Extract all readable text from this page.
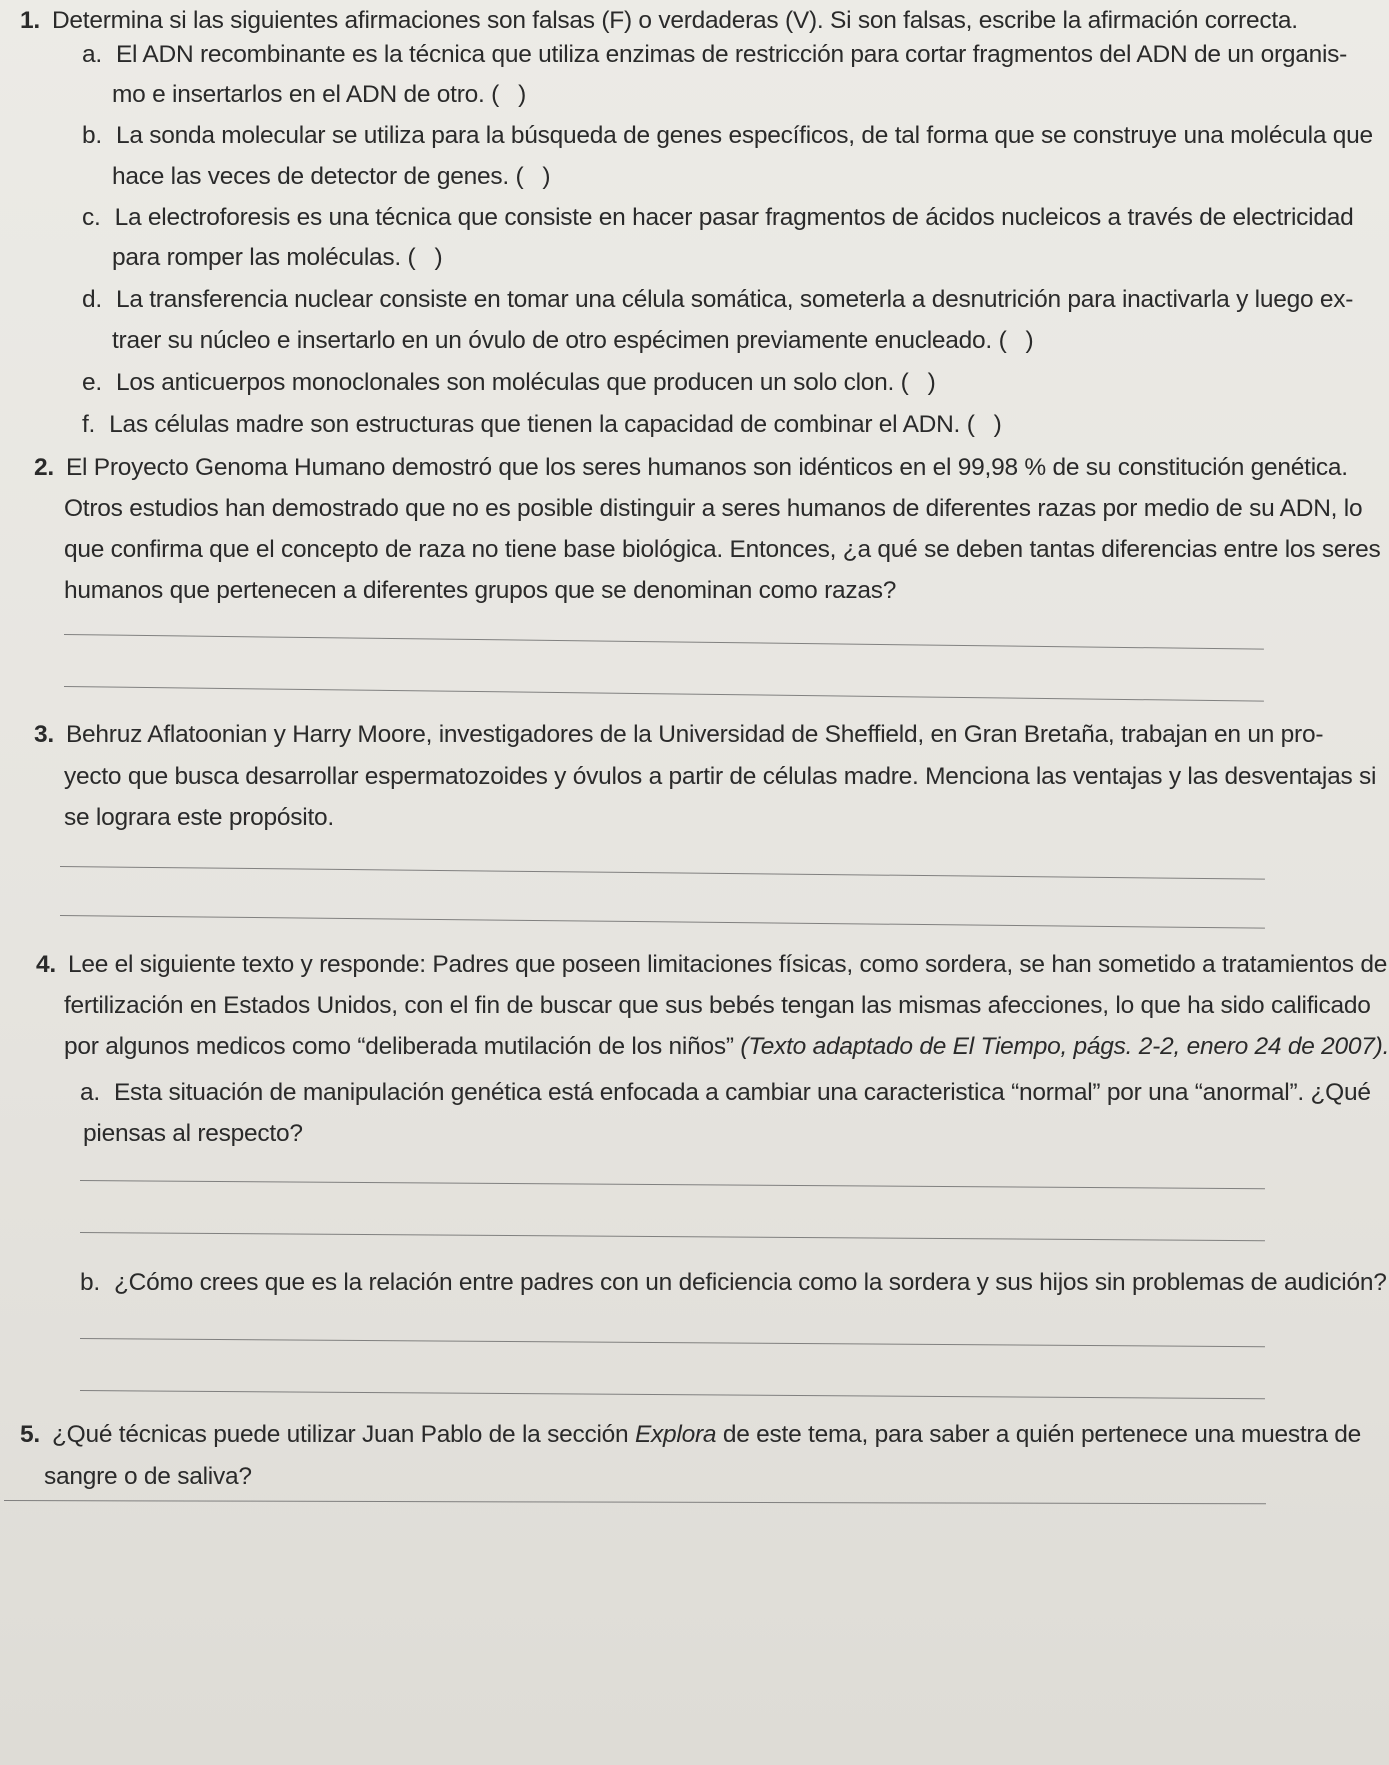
1. Determina si las siguientes afirmaciones son falsas (F) o verdaderas (V). Si son falsas, escribe la afirmación correcta.
a. El ADN recombinante es la técnica que utiliza enzimas de restricción para cortar fragmentos del ADN de un organis-
mo e insertarlos en el ADN de otro. ( )
b. La sonda molecular se utiliza para la búsqueda de genes específicos, de tal forma que se construye una molécula que
hace las veces de detector de genes. ( )
c. La electroforesis es una técnica que consiste en hacer pasar fragmentos de ácidos nucleicos a través de electricidad
para romper las moléculas. ( )
d. La transferencia nuclear consiste en tomar una célula somática, someterla a desnutrición para inactivarla y luego ex-
traer su núcleo e insertarlo en un óvulo de otro espécimen previamente enucleado. ( )
e. Los anticuerpos monoclonales son moléculas que producen un solo clon. ( )
f. Las células madre son estructuras que tienen la capacidad de combinar el ADN. ( )
2. El Proyecto Genoma Humano demostró que los seres humanos son idénticos en el 99,98 % de su constitución genética.
Otros estudios han demostrado que no es posible distinguir a seres humanos de diferentes razas por medio de su ADN, lo
que confirma que el concepto de raza no tiene base biológica. Entonces, ¿a qué se deben tantas diferencias entre los seres
humanos que pertenecen a diferentes grupos que se denominan como razas?
3. Behruz Aflatoonian y Harry Moore, investigadores de la Universidad de Sheffield, en Gran Bretaña, trabajan en un pro-
yecto que busca desarrollar espermatozoides y óvulos a partir de células madre. Menciona las ventajas y las desventajas si
se lograra este propósito.
4. Lee el siguiente texto y responde: Padres que poseen limitaciones físicas, como sordera, se han sometido a tratamientos de
fertilización en Estados Unidos, con el fin de buscar que sus bebés tengan las mismas afecciones, lo que ha sido calificado
por algunos medicos como “deliberada mutilación de los niños” (Texto adaptado de El Tiempo, págs. 2-2, enero 24 de 2007).
a. Esta situación de manipulación genética está enfocada a cambiar una caracteristica “normal” por una “anormal”. ¿Qué
piensas al respecto?
b. ¿Cómo crees que es la relación entre padres con un deficiencia como la sordera y sus hijos sin problemas de audición?
5. ¿Qué técnicas puede utilizar Juan Pablo de la sección Explora de este tema, para saber a quién pertenece una muestra de
sangre o de saliva?
